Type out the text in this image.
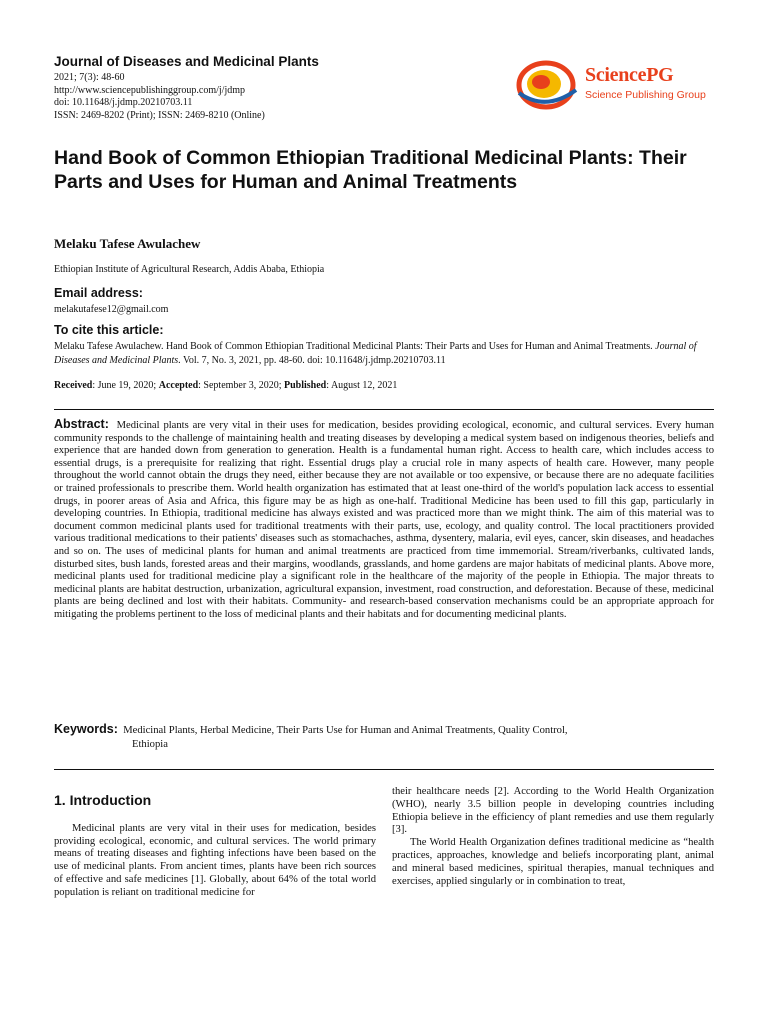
Journal of Diseases and Medicinal Plants
2021; 7(3): 48-60
http://www.sciencepublishinggroup.com/j/jdmp
doi: 10.11648/j.jdmp.20210703.11
ISSN: 2469-8202 (Print); ISSN: 2469-8210 (Online)
SciencePG
Science Publishing Group
Hand Book of Common Ethiopian Traditional Medicinal Plants: Their Parts and Uses for Human and Animal Treatments
Melaku Tafese Awulachew
Ethiopian Institute of Agricultural Research, Addis Ababa, Ethiopia
Email address:
melakutafese12@gmail.com
To cite this article:
Melaku Tafese Awulachew. Hand Book of Common Ethiopian Traditional Medicinal Plants: Their Parts and Uses for Human and Animal Treatments. Journal of Diseases and Medicinal Plants. Vol. 7, No. 3, 2021, pp. 48-60. doi: 10.11648/j.jdmp.20210703.11
Received: June 19, 2020; Accepted: September 3, 2020; Published: August 12, 2021
Abstract: Medicinal plants are very vital in their uses for medication, besides providing ecological, economic, and cultural services. Every human community responds to the challenge of maintaining health and treating diseases by developing a medical system based on indigenous theories, beliefs and experience that are handed down from generation to generation. Health is a fundamental human right. Access to health care, which includes access to essential drugs, is a prerequisite for realizing that right. Essential drugs play a crucial role in many aspects of health care. However, many people throughout the world cannot obtain the drugs they need, either because they are not available or too expensive, or because there are no adequate facilities or trained professionals to prescribe them. World health organization has estimated that at least one-third of the world's population lack access to essential drugs, in poorer areas of Asia and Africa, this figure may be as high as one-half. Traditional Medicine has been used to fill this gap, particularly in developing countries. In Ethiopia, traditional medicine has always existed and was practiced more than we might think. The aim of this material was to document common medicinal plants used for traditional treatments with their parts, use, ecology, and quality control. The local practitioners provided various traditional medications to their patients' diseases such as stomachaches, asthma, dysentery, malaria, evil eyes, cancer, skin diseases, and headaches and so on. The uses of medicinal plants for human and animal treatments are practiced from time immemorial. Stream/riverbanks, cultivated lands, disturbed sites, bush lands, forested areas and their margins, woodlands, grasslands, and home gardens are major habitats of medicinal plants. Above more, medicinal plants used for traditional medicine play a significant role in the healthcare of the majority of the people in Ethiopia. The major threats to medicinal plants are habitat destruction, urbanization, agricultural expansion, investment, road construction, and deforestation. Because of these, medicinal plants are being declined and lost with their habitats. Community- and research-based conservation mechanisms could be an appropriate approach for mitigating the problems pertinent to the loss of medicinal plants and their habitats and for documenting medicinal plants.
Keywords: Medicinal Plants, Herbal Medicine, Their Parts Use for Human and Animal Treatments, Quality Control,
Ethiopia
1. Introduction

Medicinal plants are very vital in their uses for medication, besides providing ecological, economic, and cultural services. The world primary means of treating diseases and fighting infections have been based on the use of medicinal plants. From ancient times, plants have been rich sources of effective and safe medicines [1]. Globally, about 64% of the total world population is reliant on traditional medicine for

their healthcare needs [2]. According to the World Health Organization (WHO), nearly 3.5 billion people in developing countries including Ethiopia believe in the efficiency of plant remedies and use them regularly [3].

The World Health Organization defines traditional medicine as “health practices, approaches, knowledge and beliefs incorporating plant, animal and mineral based medicines, spiritual therapies, manual techniques and exercises, applied singularly or in combination to treat,
